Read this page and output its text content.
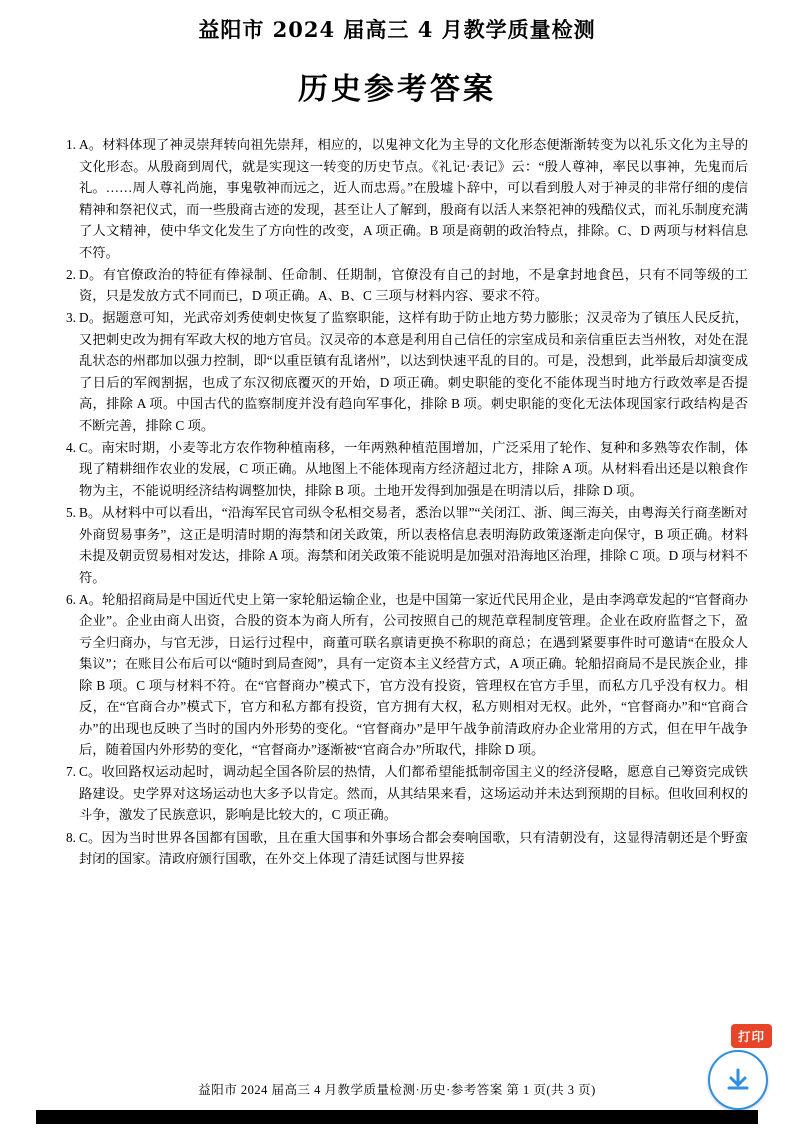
益阳市 2024 届高三 4 月教学质量检测
历史参考答案
1. A。材料体现了神灵崇拜转向祖先崇拜，相应的，以鬼神文化为主导的文化形态便渐渐转变为以礼乐文化为主导的文化形态。从殷商到周代，就是实现这一转变的历史节点。《礼记·表记》云：“殷人尊神，率民以事神，先鬼而后礼。……周人尊礼尚施，事鬼敬神而远之，近人而忠焉。”在殷墟卜辞中，可以看到殷人对于神灵的非常仔细的虔信精神和祭祀仪式，而一些殷商古迹的发现，甚至让人了解到，殷商有以活人来祭祀神的残酷仪式，而礼乐制度充满了人文精神，使中华文化发生了方向性的改变，A 项正确。B 项是商朝的政治特点，排除。C、D 两项与材料信息不符。
2. D。有官僚政治的特征有俸禄制、任命制、任期制，官僚没有自己的封地，不是拿封地食邑，只有不同等级的工资，只是发放方式不同而已，D 项正确。A、B、C 三项与材料内容、要求不符。
3. D。据题意可知，光武帝刘秀使刺史恢复了监察职能，这样有助于防止地方势力膨胀；汉灵帝为了镇压人民反抗，又把刺史改为拥有军政大权的地方官员。汉灵帝的本意是利用自己信任的宗室成员和亲信重臣去当州牧，对处在混乱状态的州郡加以强力控制，即“以重臣镇有乱诸州”，以达到快速平乱的目的。可是，没想到，此举最后却演变成了日后的军阀割据，也成了东汉彻底覆灭的开始，D 项正确。刺史职能的变化不能体现当时地方行政效率是否提高，排除 A 项。中国古代的监察制度并没有趋向军事化，排除 B 项。刺史职能的变化无法体现国家行政结构是否不断完善，排除 C 项。
4. C。南宋时期，小麦等北方农作物种植南移，一年两熟种植范围增加，广泛采用了轮作、复种和多熟等农作制，体现了精耕细作农业的发展，C 项正确。从地图上不能体现南方经济超过北方，排除 A 项。从材料看出还是以粮食作物为主，不能说明经济结构调整加快，排除 B 项。土地开发得到加强是在明清以后，排除 D 项。
5. B。从材料中可以看出，“沿海军民官司纵令私相交易者，悉治以罪”“关闭江、浙、闽三海关，由粤海关行商垄断对外商贸易事务”，这正是明清时期的海禁和闭关政策，所以表格信息表明海防政策逐渐走向保守，B 项正确。材料未提及朝贡贸易相对发达，排除 A 项。海禁和闭关政策不能说明是加强对沿海地区治理，排除 C 项。D 项与材料不符。
6. A。轮船招商局是中国近代史上第一家轮船运输企业，也是中国第一家近代民用企业，是由李鸿章发起的“官督商办企业”。企业由商人出资，合股的资本为商人所有，公司按照自己的规范章程制度管理。企业在政府监督之下，盈亏全归商办，与官无涉，日运行过程中，商董可联名禀请更换不称职的商总；在遇到紧要事件时可邀请“在股众人集议”；在账目公布后可以“随时到局查阅”，具有一定资本主义经营方式，A 项正确。轮船招商局不是民族企业，排除 B 项。C 项与材料不符。在“官督商办”模式下，官方没有投资，管理权在官方手里，而私方几乎没有权力。相反，在“官商合办”模式下，官方和私方都有投资，官方拥有大权，私方则相对无权。此外，“官督商办”和“官商合办”的出现也反映了当时的国内外形势的变化。“官督商办”是甲午战争前清政府办企业常用的方式，但在甲午战争后，随着国内外形势的变化，“官督商办”逐渐被“官商合办”所取代，排除 D 项。
7. C。收回路权运动起时，调动起全国各阶层的热情，人们都希望能抵制帝国主义的经济侵略，愿意自己筹资完成铁路建设。史学界对这场运动也大多予以肯定。然而，从其结果来看，这场运动并未达到预期的目标。但收回利权的斗争，激发了民族意识，影响是比较大的，C 项正确。
8. C。因为当时世界各国都有国歌，且在重大国事和外事场合都会奏响国歌，只有清朝没有，这显得清朝还是个野蛮封闭的国家。清政府颁行国歌，在外交上体现了清廷试图与世界接
益阳市 2024 届高三 4 月教学质量检测·历史·参考答案 第 1 页(共 3 页)
打印
